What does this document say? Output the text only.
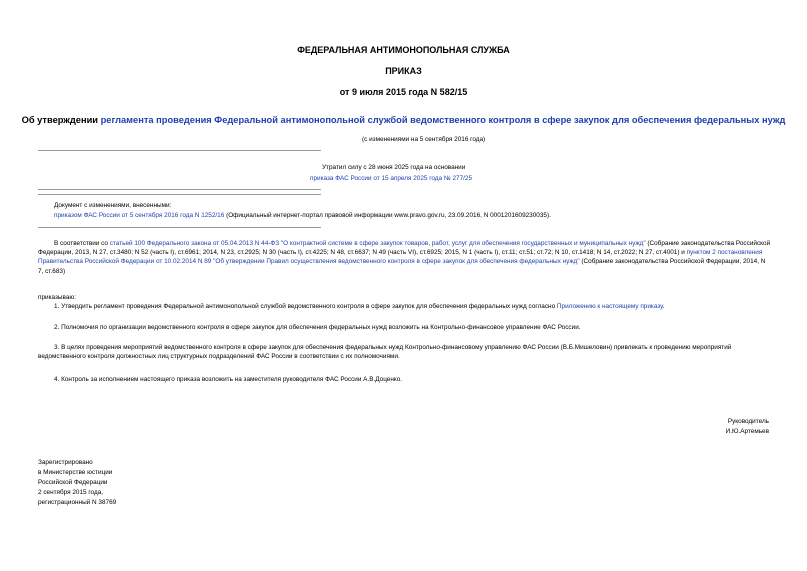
ФЕДЕРАЛЬНАЯ АНТИМОНОПОЛЬНАЯ СЛУЖБА
ПРИКАЗ
от 9 июля 2015 года N 582/15
Об утверждении регламента проведения Федеральной антимонопольной службой ведомственного контроля в сфере закупок для обеспечения федеральных нужд
(с изменениями на 5 сентября 2016 года)
Утратил силу с 28 июня 2025 года на основании
приказа ФАС России от 15 апреля 2025 года № 277/25
Документ с изменениями, внесенными:
приказом ФАС России от 5 сентября 2016 года N 1252/16 (Официальный интернет-портал правовой информации www.pravo.gov.ru, 23.09.2016, N 0001201609230035).
В соответствии со статьей 100 Федерального закона от 05.04.2013 N 44-ФЗ "О контрактной системе в сфере закупок товаров, работ, услуг для обеспечения государственных и муниципальных нужд" (Собрание законодательства Российской Федерации, 2013, N 27, ст.3480; N 52 (часть I), ст.6961; 2014, N 23, ст.2925; N 30 (часть I), ст.4225; N 48, ст.6637; N 49 (часть VI), ст.6925; 2015, N 1 (часть I), ст.11; ст.51; ст.72; N 10, ст.1418; N 14, ст.2022; N 27, ст.4001) и пунктом 2 постановления Правительства Российской Федерации от 10.02.2014 N 89 "Об утверждении Правил осуществления ведомственного контроля в сфере закупок для обеспечения федеральных нужд" (Собрание законодательства Российской Федерации, 2014, N 7, ст.683)
приказываю:
1. Утвердить регламент проведения Федеральной антимонопольной службой ведомственного контроля в сфере закупок для обеспечения федеральных нужд согласно Приложению к настоящему приказу.
2. Полномочия по организации ведомственного контроля в сфере закупок для обеспечения федеральных нужд возложить на Контрольно-финансовое управление ФАС России.
3. В целях проведения мероприятий ведомственного контроля в сфере закупок для обеспечения федеральных нужд Контрольно-финансовому управлению ФАС России (В.Б.Мишеловин) привлекать к проведению мероприятий ведомственного контроля должностных лиц структурных подразделений ФАС России в соответствии с их полномочиями.
4. Контроль за исполнением настоящего приказа возложить на заместителя руководителя ФАС России А.В.Доценко.
Руководитель
И.Ю.Артемьев
Зарегистрировано
в Министерстве юстиции
Российской Федерации
2 сентября 2015 года,
регистрационный N 38769
